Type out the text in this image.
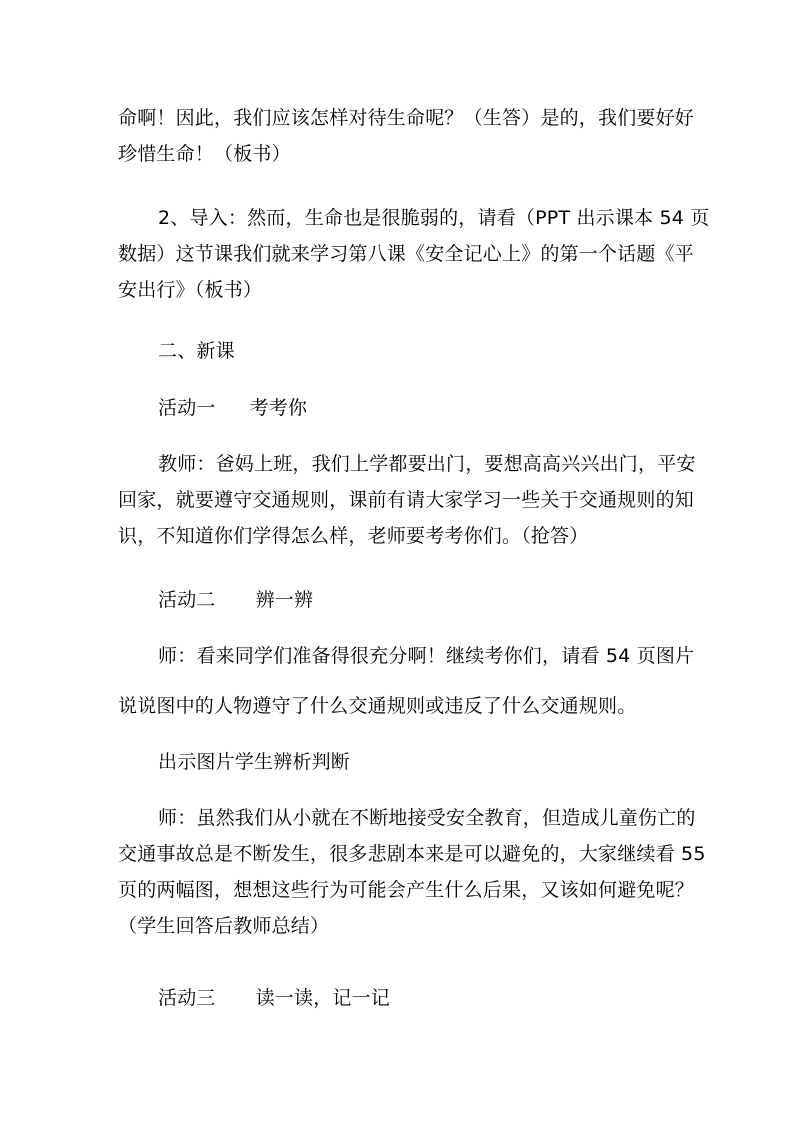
命啊！因此，我们应该怎样对待生命呢？（生答）是的，我们要好好
珍惜生命！（板书）
2、导入：然而，生命也是很脆弱的，请看（PPT 出示课本 54 页
数据）这节课我们就来学习第八课《安全记心上》的第一个话题《平
安出行》（板书）
二、新课
活动一 考考你
教师：爸妈上班，我们上学都要出门，要想高高兴兴出门，平安
回家，就要遵守交通规则，课前有请大家学习一些关于交通规则的知
识，不知道你们学得怎么样，老师要考考你们。（抢答）
活动二 辨一辨
师：看来同学们准备得很充分啊！继续考你们，请看 54 页图片
说说图中的人物遵守了什么交通规则或违反了什么交通规则。
出示图片学生辨析判断
师：虽然我们从小就在不断地接受安全教育，但造成儿童伤亡的
交通事故总是不断发生，很多悲剧本来是可以避免的，大家继续看 55
页的两幅图，想想这些行为可能会产生什么后果，又该如何避免呢？
（学生回答后教师总结）
活动三 读一读，记一记
